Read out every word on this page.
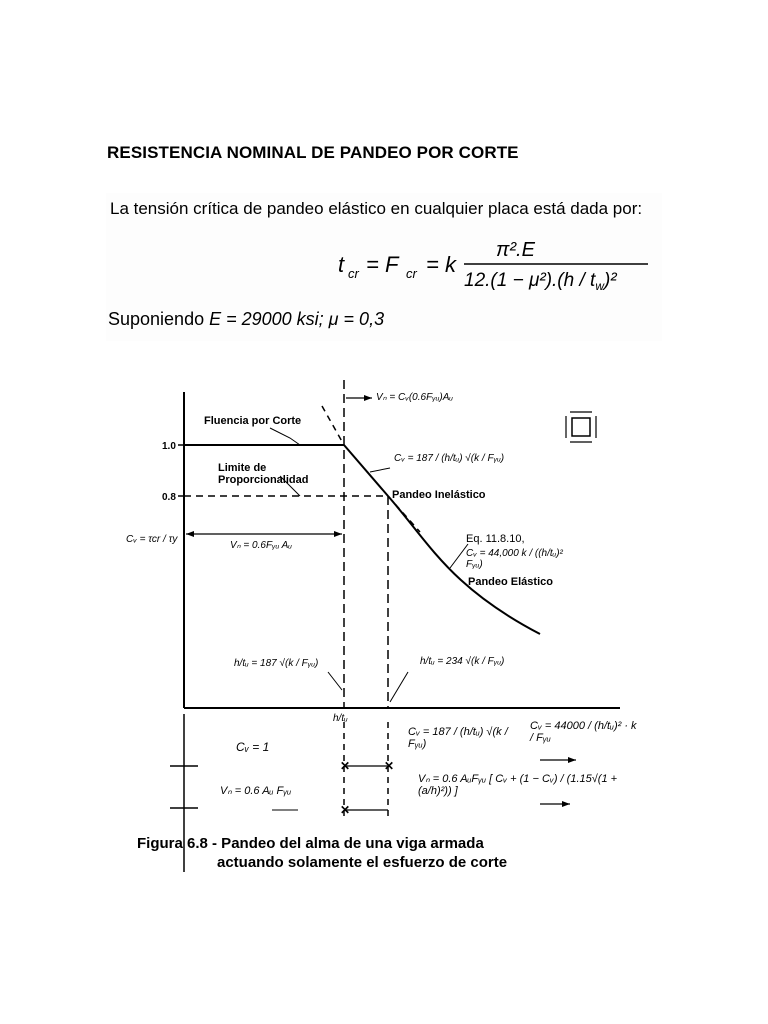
RESISTENCIA NOMINAL DE PANDEO POR CORTE
La tensión crítica de pandeo elástico en cualquier placa está dada por:
t cr = F cr = k
π².E
$12.(1 - \mu^2).(h / t_w)^2$
Suponiendo E = 29000 ksi; μ = 0,3
1.0
0.8
✕	✕
✕
Fluencia por Corte
Limite de Proporcionalidad
Pandeo Inelástico
Pandeo Elástico
Eq. 11.8.10,
Vₙ = Cᵥ(0.6Fᵧᵤ)Aᵤ
Cᵥ = τcr / τy
Cᵥ = 187 / (h/tᵤ) √(k / Fᵧᵤ)
Cᵥ = 44,000 k / ((h/tᵤ)² Fᵧᵤ)
Vₙ = 0.6Fᵧᵤ Aᵤ
h/tᵤ = 187 √(k / Fᵧᵤ)	h/tᵤ = 234 √(k / Fᵧᵤ)
h/tᵤ
Cᵥ = 1
Vₙ = 0.6 Aᵤ Fᵧᵤ
Cᵥ = 187 / (h/tᵤ) √(k / Fᵧᵤ)
Cᵥ = 44000 / (h/tᵤ)² · k / Fᵧᵤ
Vₙ = 0.6 AᵤFᵧᵤ [ Cᵥ + (1 − Cᵥ) / (1.15√(1 + (a/h)²)) ]
Figura 6.8 - Pandeo del alma de una viga armada
actuando solamente el esfuerzo de corte
